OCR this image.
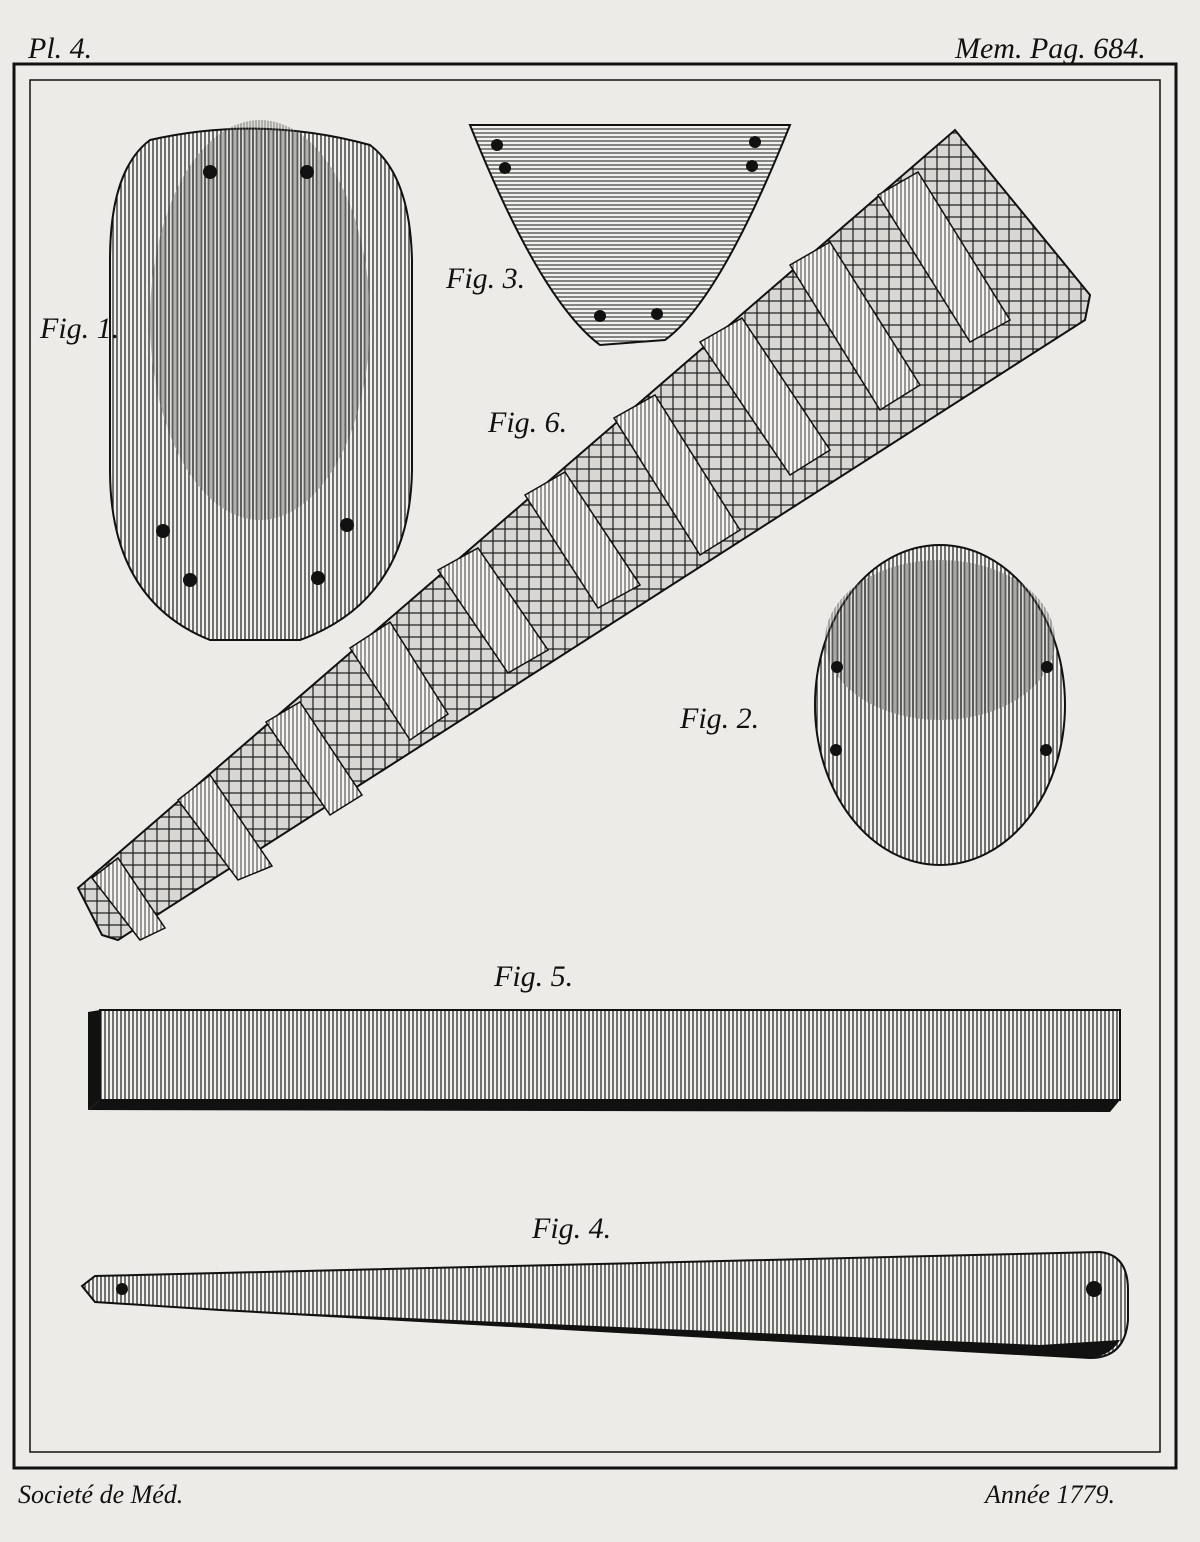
Pl. 4.	Mem. Pag. 684.
Fig. 1.
Fig. 3.
Fig. 6.
Fig. 2.
Fig. 5.
Fig. 4.
Societé de Méd.	Année 1779.
